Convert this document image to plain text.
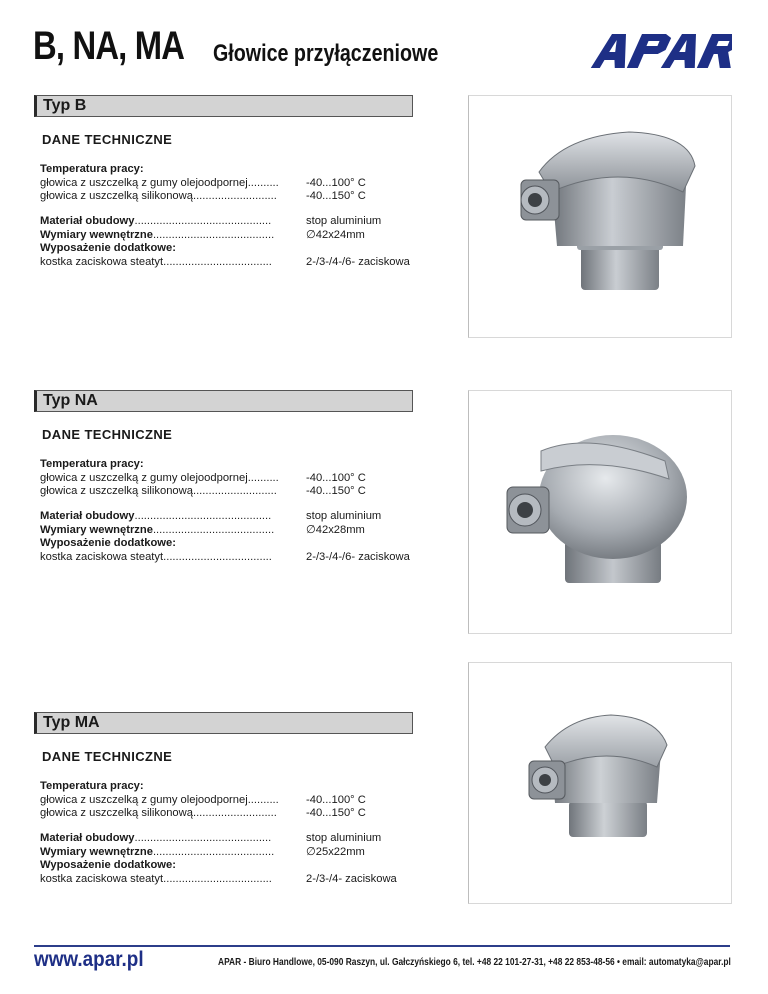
B, NA, MA Głowice przyłączeniowe
Typ B
DANE TECHNICZNE
Temperatura pracy:
głowica z uszczelką z gumy olejoodpornej.......... -40...100° C
głowica z uszczelką silikonową...........................	-40...150° C
Materiał obudowy............................................	stop aluminium
Wymiary wewnętrzne.......................................	∅42x24mm
Wyposażenie dodatkowe:
kostka zaciskowa steatyt...................................	2-/3-/4-/6- zaciskowa
Typ NA
DANE TECHNICZNE
Temperatura pracy:
głowica z uszczelką z gumy olejoodpornej.......... -40...100° C
głowica z uszczelką silikonową...........................	-40...150° C
Materiał obudowy............................................	stop aluminium
Wymiary wewnętrzne.......................................	∅42x28mm
Wyposażenie dodatkowe:
kostka zaciskowa steatyt...................................	2-/3-/4-/6- zaciskowa
Typ MA
DANE TECHNICZNE
Temperatura pracy:
głowica z uszczelką z gumy olejoodpornej.......... -40...100° C
głowica z uszczelką silikonową...........................	-40...150° C
Materiał obudowy............................................	stop aluminium
Wymiary wewnętrzne.......................................	∅25x22mm
Wyposażenie dodatkowe:
kostka zaciskowa steatyt...................................	2-/3-/4- zaciskowa
www.apar.pl	APAR - Biuro Handlowe, 05-090 Raszyn, ul. Gałczyńskiego 6, tel. +48 22 101-27-31, +48 22 853-48-56 • email: automatyka@apar.pl
